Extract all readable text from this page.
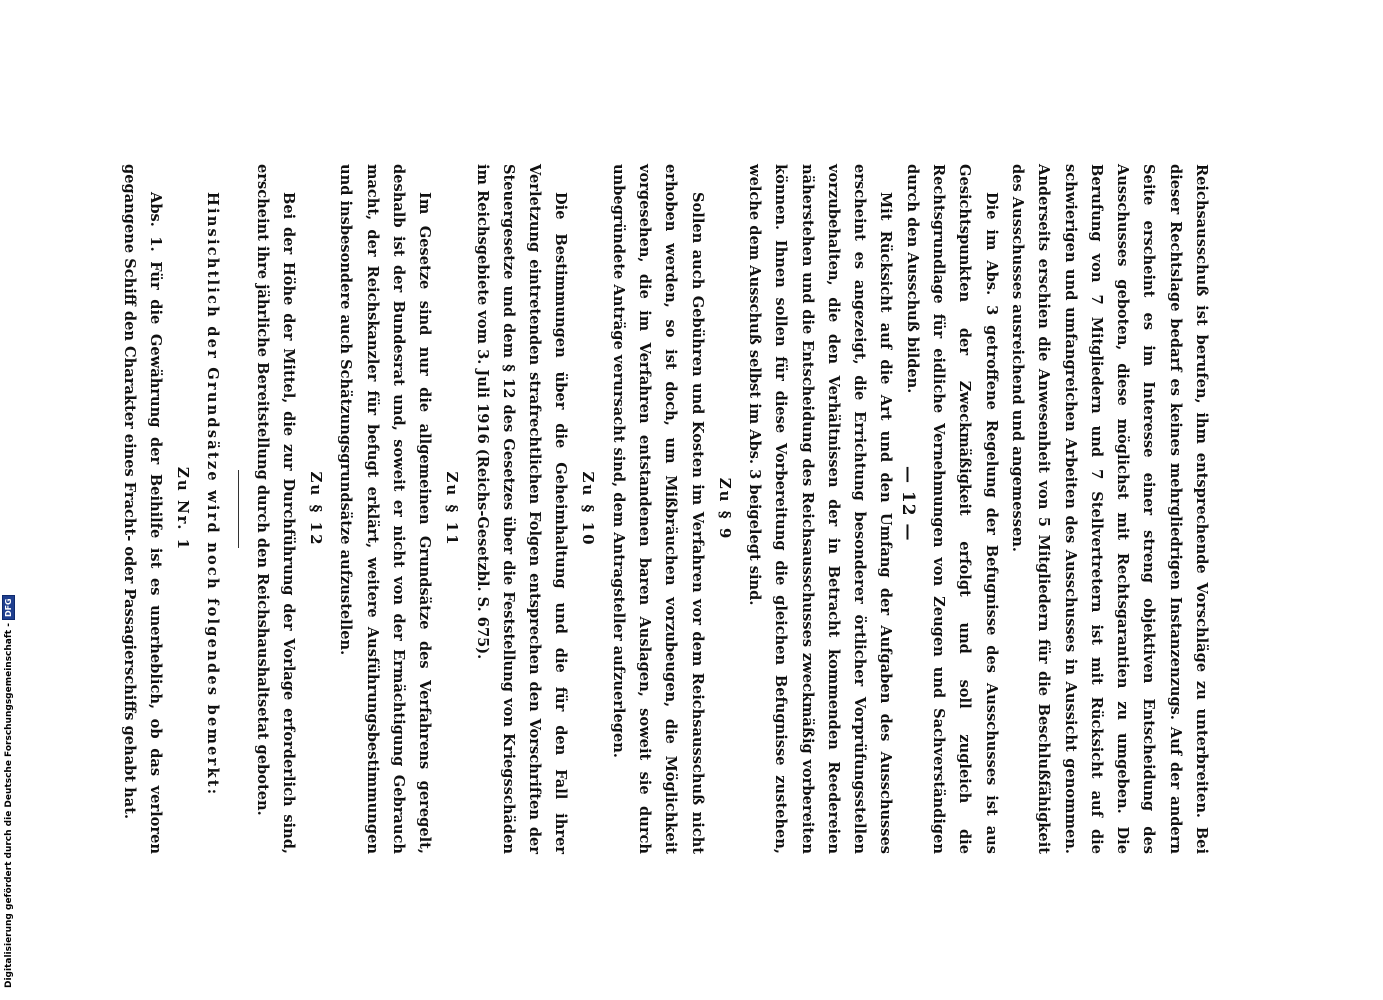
— 12 —	Reichsausschuß ist berufen, ihm entsprechende Vorschläge zu unterbreiten. Bei dieser Rechtslage bedarf es keines mehrgliedrigen Instanzenzugs. Auf der andern Seite erscheint es im Interesse einer streng objektiven Entscheidung des Ausschusses geboten, diese möglichst mit Rechtsgarantien zu umgeben. Die Berufung von 7 Mitgliedern und 7 Stellvertretern ist mit Rücksicht auf die schwierigen und umfangreichen Arbeiten des Ausschusses in Aussicht genommen. Anderseits erschien die Anwesenheit von 5 Mitgliedern für die Beschlußfähigkeit des Ausschusses ausreichend und angemessen.

Die im Abs. 3 getroffene Regelung der Befugnisse des Ausschusses ist aus Gesichtspunkten der Zweckmäßigkeit erfolgt und soll zugleich die Rechtsgrundlage für eidliche Vernehmungen von Zeugen und Sachverständigen durch den Ausschuß bilden.

Mit Rücksicht auf die Art und den Umfang der Aufgaben des Ausschusses erscheint es angezeigt, die Errichtung besonderer örtlicher Vorprüfungsstellen vorzubehalten, die den Verhältnissen der in Betracht kommenden Reedereien näherstehen und die Entscheidung des Reichsausschusses zweckmäßig vorbereiten können. Ihnen sollen für diese Vorbereitung die gleichen Befugnisse zustehen, welche dem Ausschuß selbst im Abs. 3 beigelegt sind.

Zu § 9

Sollen auch Gebühren und Kosten im Verfahren vor dem Reichsausschuß nicht erhoben werden, so ist doch, um Mißbräuchen vorzubeugen, die Möglichkeit vorgesehen, die im Verfahren entstandenen baren Auslagen, soweit sie durch unbegründete Anträge verursacht sind, dem Antragsteller aufzuerlegen.

Zu § 10

Die Bestimmungen über die Geheimhaltung und die für den Fall ihrer Verletzung eintretenden strafrechtlichen Folgen entsprechen den Vorschriften der Steuergesetze und dem § 12 des Gesetzes über die Feststellung von Kriegsschäden im Reichsgebiete vom 3. Juli 1916 (Reichs-Gesetzbl. S. 675).

Zu § 11

Im Gesetze sind nur die allgemeinen Grundsätze des Verfahrens geregelt, deshalb ist der Bundesrat und, soweit er nicht von der Ermächtigung Gebrauch macht, der Reichskanzler für befugt erklärt, weitere Ausführungsbestimmungen und insbesondere auch Schätzungsgrundsätze aufzustellen.

Zu § 12

Bei der Höhe der Mittel, die zur Durchführung der Vorlage erforderlich sind, erscheint ihre jährliche Bereitstellung durch den Reichshaushaltsetat geboten.

Hinsichtlich der Grundsätze wird noch folgendes bemerkt:

Zu Nr. 1

Abs. 1. Für die Gewährung der Beihilfe ist es unerheblich, ob das verloren gegangene Schiff den Charakter eines Fracht- oder Passagierschiffs gehabt hat.

Digitalisierung gefördert durch die Deutsche Forschungsgemeinschaft -
DFG
